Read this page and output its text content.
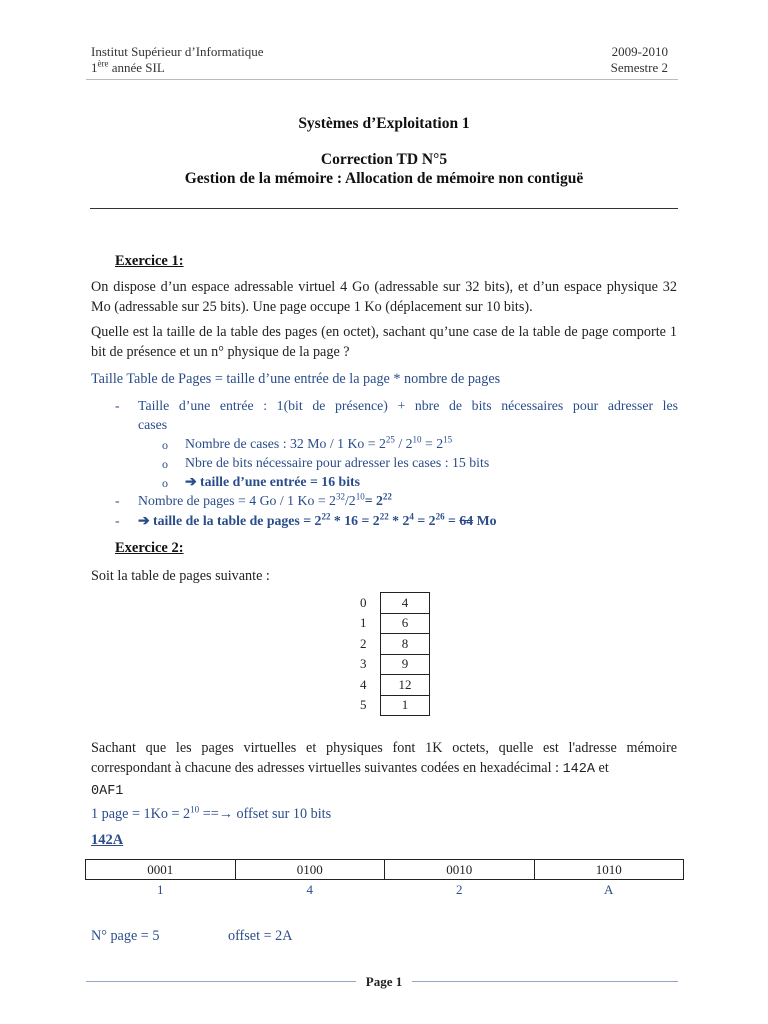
Institut Supérieur d’Informatique
1ère année SIL
2009-2010
Semestre 2
Systèmes d’Exploitation 1
Correction TD N°5
Gestion de la mémoire : Allocation de mémoire non contiguë
Exercice 1:
On dispose d’un espace adressable virtuel 4 Go (adressable sur 32 bits), et d’un espace physique 32 Mo (adressable sur 25 bits). Une page occupe 1 Ko (déplacement sur 10 bits).
Quelle est la taille de la table des pages (en octet), sachant qu’une case de la table de page comporte 1 bit de présence et un n° physique de la page ?
Taille Table de Pages = taille d’une entrée de la page * nombre de pages
- Taille d’une entrée : 1(bit de présence) + nbre de bits nécessaires pour adresser les
cases
o Nombre de cases : 32 Mo / 1 $Ko = 2^{25} / 2^{10} = 2^{15}$
o Nbre de bits nécessaire pour adresser les cases : 15 bits
o ➔ taille d’une entrée = 16 bits
- Nombre de pages = 4 Go / 1 $Ko = 2^{32}/2^{10}= 2^{22}$
- ➔ taille de la table de pages = $2^{22} * 16 = 2^{22} * 2^4 = 2^{26} = 64$ Mo
Exercice 2:
Soit la table de pages suivante :
0	4
1	6
2	8
3	9
4	12
5	1
Sachant que les pages virtuelles et physiques font 1K octets, quelle est l'adresse mémoire correspondant à chacune des adresses virtuelles suivantes codées en hexadécimal : 142A et
0AF1
1 page = $1Ko = 2^{10}$ ==→ offset sur 10 bits
142A
0001	0100	0010	1010
1	4	2	A
N° page = 5	offset = 2A
Page 1
